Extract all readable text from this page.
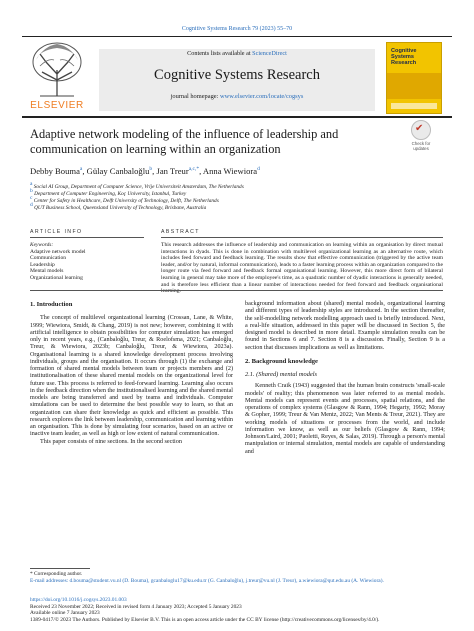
Cognitive Systems Research 79 (2023) 55–70
ELSEVIER
Contents lists available at ScienceDirect
Cognitive Systems Research
journal homepage: www.elsevier.com/locate/cogsys
Cognitive Systems Research
Adaptive network modeling of the influence of leadership and communication on learning within an organization
✔
Check for updates
Debby Bouma$^a$, Gülay Canbaloğlu$^b$, Jan Treur$^{a,c,*}$, Anna Wiewiora$^d$
a Social AI Group, Department of Computer Science, Vrije Universiteit Amsterdam, The Netherlands
b Department of Computer Engineering, Koç University, Istanbul, Turkey
c Center for Safety in Healthcare, Delft University of Technology, Delft, The Netherlands
d QUT Business School, Queensland University of Technology, Brisbane, Australia
ARTICLE INFO	ABSTRACT
Keywords:
Adaptive network model
Communication
Leadership
Mental models
Organizational learning
This research addresses the influence of leadership and communication on learning within an organisation by direct mutual interactions in dyads. This is done in combination with multilevel organizational learning as an alternative route, which includes feed forward and feedback learning. The results show that effective communication (triggered by the active team leader, and/or by natural, informal communication), leads to a faster learning process within an organization compared to the longer route via feed forward and feedback formal organisational learning. However, this more direct form of bilateral learning in general may take more of the employee's time, as a quadratic number of dyadic interactions is generally needed, and is therefore less efficient than a linear number of interactions needed for feed forward and feedback organisational learning.
1. Introduction

The concept of multilevel organizational learning (Crossan, Lane, & White, 1999; Wiewiora, Smidt, & Chang, 2019) is not new; however, combining it with artificial intelligence to obtain possibilities for computer simulation has emerged only in recent years, e.g., (Canbaloğlu, Treur, & Roelofsma, 2021; Canbaloğlu, Treur, & Wiewiora, 2023b; Canbaloğlu, Treur, & Wiewiora, 2023a). Organisational learning is a shared knowledge development process involving individuals, groups and the organisation. It occurs through (1) the exchange and formation of shared mental models between team or projects members and (2) institutionalisation of these shared mental models on the organizational level for future use. This process is referred to feed-forward learning. Learning also occurs in the feedback direction when the institutionalised learning and the shared mental models are being transferred and used by teams and individuals. Computer simulations can be used to determine the best possible way to learn, so that an organization can share their knowledge as quick and efficient as possible. This research explores the link between leadership, communication and learning within an organisation. This is done by simulating four scenarios, based on an active or inactive team leader, as well as high or low extent of natural communication.

This paper consists of nine sections. In the second section

background information about (shared) mental models, organizational learning and different types of leadership styles are introduced. In the section thereafter, the self-modelling network modelling approach used is briefly introduced. Next, a real-life situation, addressed in this paper will be discussed in Section 5, the designed model is described in more detail. Example simulation results can be found in Sections 6 and 7. Section 8 is a discussion. Finally, Section 9 is a section that discusses implications as well as limitations.
2. Background knowledge
2.1. (Shared) mental models

Kenneth Craik (1943) suggested that the human brain constructs 'small-scale models' of reality; this phenomenon was later referred to as mental models. Mental models can represent events and processes, spatial relations, and the operations of complex systems (Glasgow & Rann, 1994; Hegarty, 1992; Moray & Gopher, 1999; Treur & Van Mentz, 2022; Van Ments & Treur, 2021). They are working models of situations or processes from the world, and include information we know, as well as our beliefs (Glasgow & Rann, 1994; Johnson/Laird, 2001; Paoletti, Reyes, & Salas, 2019). Through a person's mental manipulation or internal simulation, mental models are capable of understanding and

* Corresponding author.
E-mail addresses: d.bouma@student.vu.nl (D. Bouma), gcanbaloglu17@ku.edu.tr (G. Canbaloğlu), j.treur@vu.nl (J. Treur), a.wiewiora@qut.edu.au (A. Wiewiora).
https://doi.org/10.1016/j.cogsys.2023.01.003
Received 23 November 2022; Received in revised form 4 January 2023; Accepted 5 January 2023
Available online 7 January 2023
1389-0417/© 2023 The Authors. Published by Elsevier B.V. This is an open access article under the CC BY license (http://creativecommons.org/licenses/by/4.0/).
